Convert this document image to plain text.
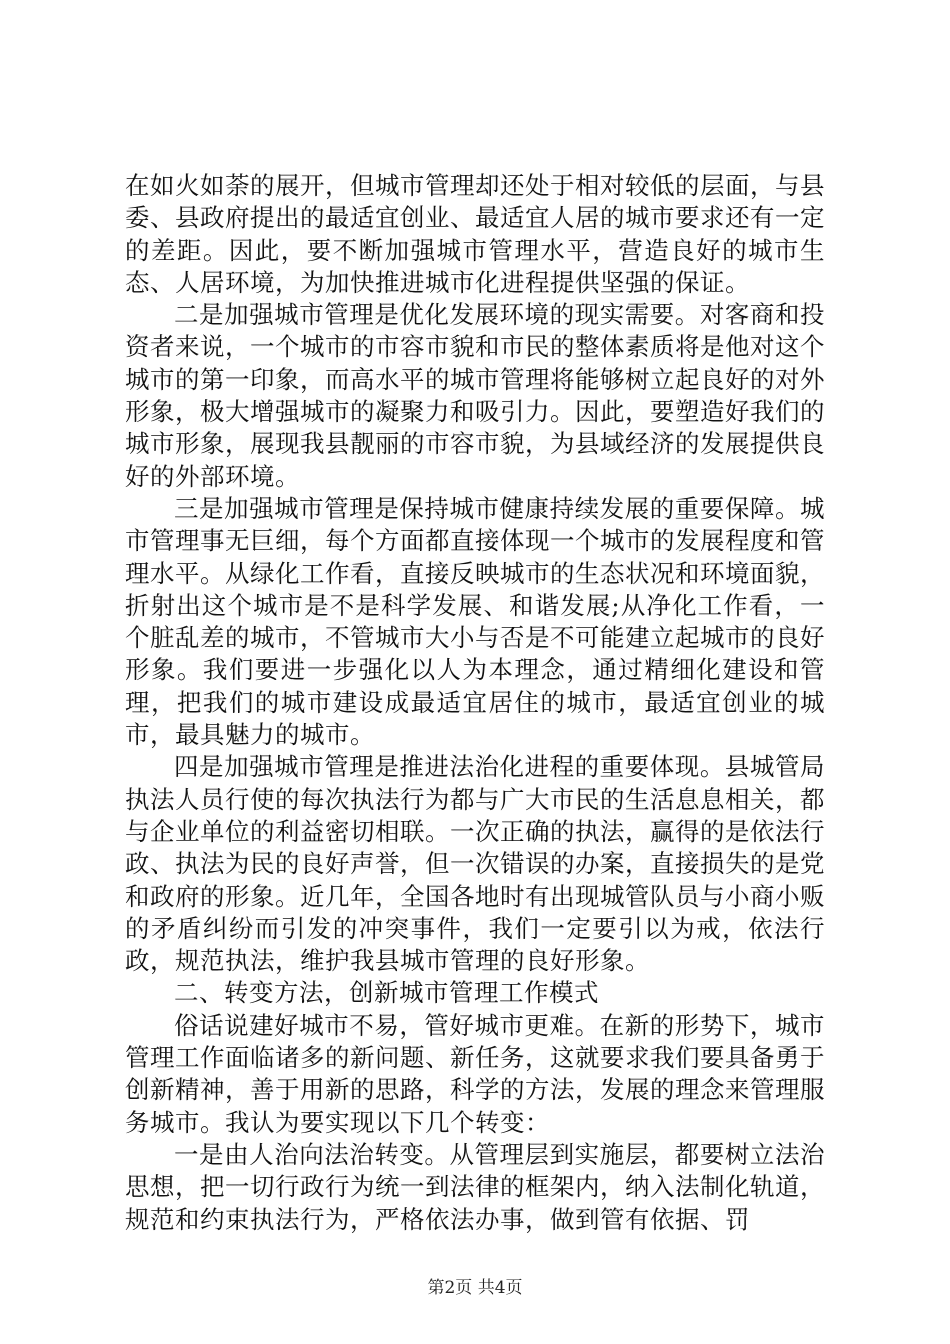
在如火如荼的展开，但城市管理却还处于相对较低的层面，与县委、县政府提出的最适宜创业、最适宜人居的城市要求还有一定的差距。因此，要不断加强城市管理水平，营造良好的城市生态、人居环境，为加快推进城市化进程提供坚强的保证。

二是加强城市管理是优化发展环境的现实需要。对客商和投资者来说，一个城市的市容市貌和市民的整体素质将是他对这个城市的第一印象，而高水平的城市管理将能够树立起良好的对外形象，极大增强城市的凝聚力和吸引力。因此，要塑造好我们的城市形象，展现我县靓丽的市容市貌，为县域经济的发展提供良好的外部环境。

三是加强城市管理是保持城市健康持续发展的重要保障。城市管理事无巨细，每个方面都直接体现一个城市的发展程度和管理水平。从绿化工作看，直接反映城市的生态状况和环境面貌，折射出这个城市是不是科学发展、和谐发展;从净化工作看，一个脏乱差的城市，不管城市大小与否是不可能建立起城市的良好形象。我们要进一步强化以人为本理念，通过精细化建设和管理，把我们的城市建设成最适宜居住的城市，最适宜创业的城市，最具魅力的城市。

四是加强城市管理是推进法治化进程的重要体现。县城管局执法人员行使的每次执法行为都与广大市民的生活息息相关，都与企业单位的利益密切相联。一次正确的执法，赢得的是依法行政、执法为民的良好声誉，但一次错误的办案，直接损失的是党和政府的形象。近几年，全国各地时有出现城管队员与小商小贩的矛盾纠纷而引发的冲突事件，我们一定要引以为戒，依法行政，规范执法，维护我县城市管理的良好形象。

二、转变方法，创新城市管理工作模式

俗话说建好城市不易，管好城市更难。在新的形势下，城市管理工作面临诸多的新问题、新任务，这就要求我们要具备勇于创新精神，善于用新的思路，科学的方法，发展的理念来管理服务城市。我认为要实现以下几个转变：

一是由人治向法治转变。从管理层到实施层，都要树立法治思想，把一切行政行为统一到法律的框架内，纳入法制化轨道，规范和约束执法行为，严格依法办事，做到管有依据、罚

第2页 共4页
